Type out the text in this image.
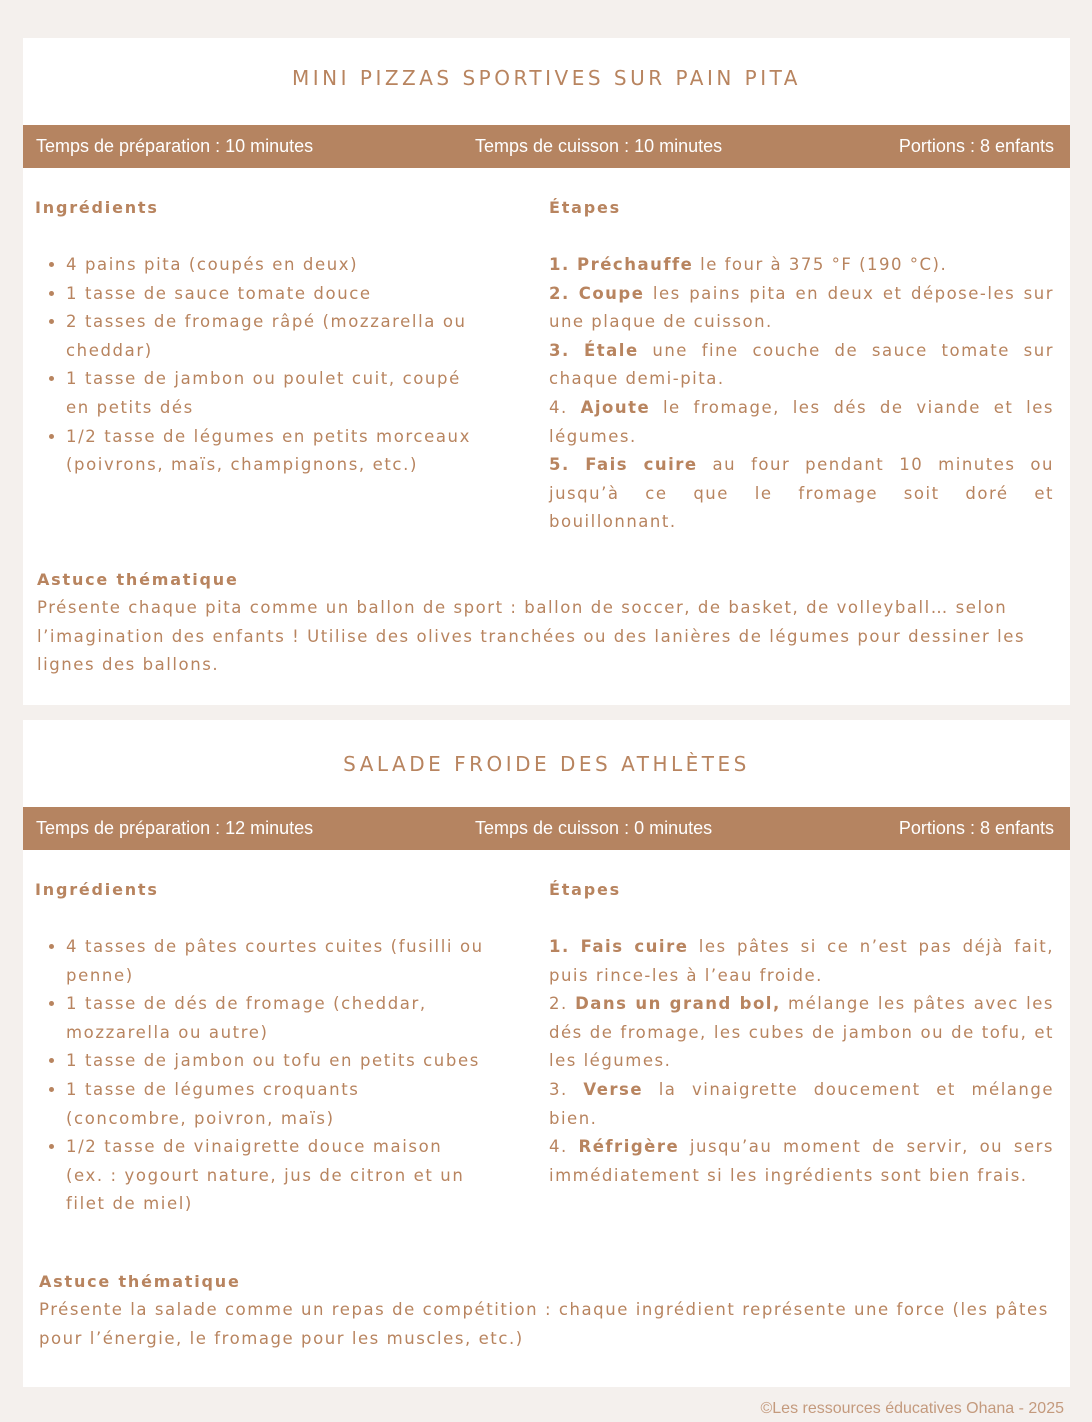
MINI PIZZAS SPORTIVES SUR PAIN PITA
Temps de préparation : 10 minutes	Temps de cuisson : 10 minutes	Portions : 8 enfants
Ingrédients	Étapes
• 4 pains pita (coupés en deux)
• 1 tasse de sauce tomate douce
• 2 tasses de fromage râpé (mozzarella ou cheddar)
• 1 tasse de jambon ou poulet cuit, coupé en petits dés
• 1/2 tasse de légumes en petits morceaux (poivrons, maïs, champignons, etc.)

1. Préchauffe le four à 375 °F (190 °C).

2. Coupe les pains pita en deux et dépose-les sur une plaque de cuisson.

3. Étale une fine couche de sauce tomate sur chaque demi-pita.

4. Ajoute le fromage, les dés de viande et les légumes.

5. Fais cuire au four pendant 10 minutes ou jusqu’à ce que le fromage soit doré et bouillonnant.

Astuce thématique
Présente chaque pita comme un ballon de sport : ballon de soccer, de basket, de volleyball… selon l’imagination des enfants ! Utilise des olives tranchées ou des lanières de légumes pour dessiner les lignes des ballons.
SALADE FROIDE DES ATHLÈTES
Temps de préparation : 12 minutes	Temps de cuisson : 0 minutes	Portions : 8 enfants
Ingrédients	Étapes
• 4 tasses de pâtes courtes cuites (fusilli ou penne)
• 1 tasse de dés de fromage (cheddar, mozzarella ou autre)
• 1 tasse de jambon ou tofu en petits cubes
• 1 tasse de légumes croquants (concombre, poivron, maïs)
• 1/2 tasse de vinaigrette douce maison (ex. : yogourt nature, jus de citron et un filet de miel)

1. Fais cuire les pâtes si ce n’est pas déjà fait, puis rince-les à l’eau froide.

2. Dans un grand bol, mélange les pâtes avec les dés de fromage, les cubes de jambon ou de tofu, et les légumes.

3. Verse la vinaigrette doucement et mélange bien.

4. Réfrigère jusqu’au moment de servir, ou sers immédiatement si les ingrédients sont bien frais.

Astuce thématique
Présente la salade comme un repas de compétition : chaque ingrédient représente une force (les pâtes pour l’énergie, le fromage pour les muscles, etc.)
©Les ressources éducatives Ohana - 2025
